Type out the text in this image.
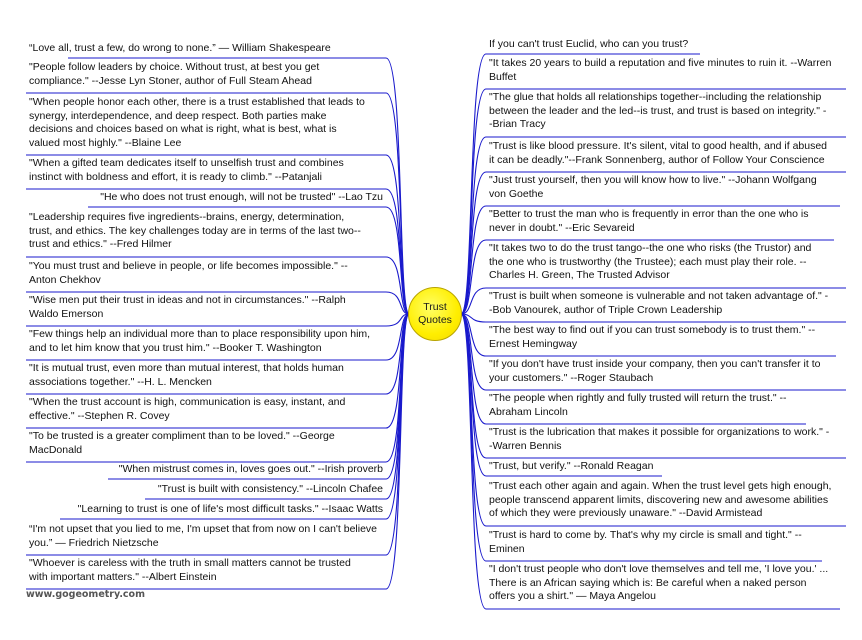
“Love all, trust a few, do wrong to none.” — William Shakespeare
"People follow leaders by choice. Without trust, at best you get
compliance." --Jesse Lyn Stoner, author of Full Steam Ahead
"When people honor each other, there is a trust established that leads to
synergy, interdependence, and deep respect. Both parties make
decisions and choices based on what is right, what is best, what is
valued most highly." --Blaine Lee
"When a gifted team dedicates itself to unselfish trust and combines
instinct with boldness and effort, it is ready to climb." --Patanjali
"He who does not trust enough, will not be trusted" --Lao Tzu
"Leadership requires five ingredients--brains, energy, determination,
trust, and ethics. The key challenges today are in terms of the last two--
trust and ethics." --Fred Hilmer
"You must trust and believe in people, or life becomes impossible." --
Anton Chekhov
"Wise men put their trust in ideas and not in circumstances." --Ralph
Waldo Emerson
"Few things help an individual more than to place responsibility upon him,
and to let him know that you trust him." --Booker T. Washington
"It is mutual trust, even more than mutual interest, that holds human
associations together." --H. L. Mencken
"When the trust account is high, communication is easy, instant, and
effective." --Stephen R. Covey
"To be trusted is a greater compliment than to be loved." --George
MacDonald
"When mistrust comes in, loves goes out." --Irish proverb
"Trust is built with consistency." --Lincoln Chafee
"Learning to trust is one of life's most difficult tasks." --Isaac Watts
“I'm not upset that you lied to me, I'm upset that from now on I can't believe
you.” — Friedrich Nietzsche
"Whoever is careless with the truth in small matters cannot be trusted
with important matters." --Albert Einstein
If you can't trust Euclid, who can you trust?
"It takes 20 years to build a reputation and five minutes to ruin it. --Warren
Buffet
"The glue that holds all relationships together--including the relationship
between the leader and the led--is trust, and trust is based on integrity." -
-Brian Tracy
"Trust is like blood pressure. It's silent, vital to good health, and if abused
it can be deadly."--Frank Sonnenberg, author of Follow Your Conscience
"Just trust yourself, then you will know how to live." --Johann Wolfgang
von Goethe
"Better to trust the man who is frequently in error than the one who is
never in doubt." --Eric Sevareid
"It takes two to do the trust tango--the one who risks (the Trustor) and
the one who is trustworthy (the Trustee); each must play their role. --
Charles H. Green, The Trusted Advisor
"Trust is built when someone is vulnerable and not taken advantage of." -
-Bob Vanourek, author of Triple Crown Leadership
"The best way to find out if you can trust somebody is to trust them." --
Ernest Hemingway
"If you don't have trust inside your company, then you can't transfer it to
your customers." --Roger Staubach
"The people when rightly and fully trusted will return the trust." --
Abraham Lincoln
"Trust is the lubrication that makes it possible for organizations to work." -
-Warren Bennis
"Trust, but verify." --Ronald Reagan
"Trust each other again and again. When the trust level gets high enough,
people transcend apparent limits, discovering new and awesome abilities
of which they were previously unaware." --David Armistead
"Trust is hard to come by. That's why my circle is small and tight." --
Eminen
"I don't trust people who don't love themselves and tell me, 'I love you.' ...
There is an African saying which is: Be careful when a naked person
offers you a shirt." — Maya Angelou
Trust
Quotes
www.gogeometry.com
